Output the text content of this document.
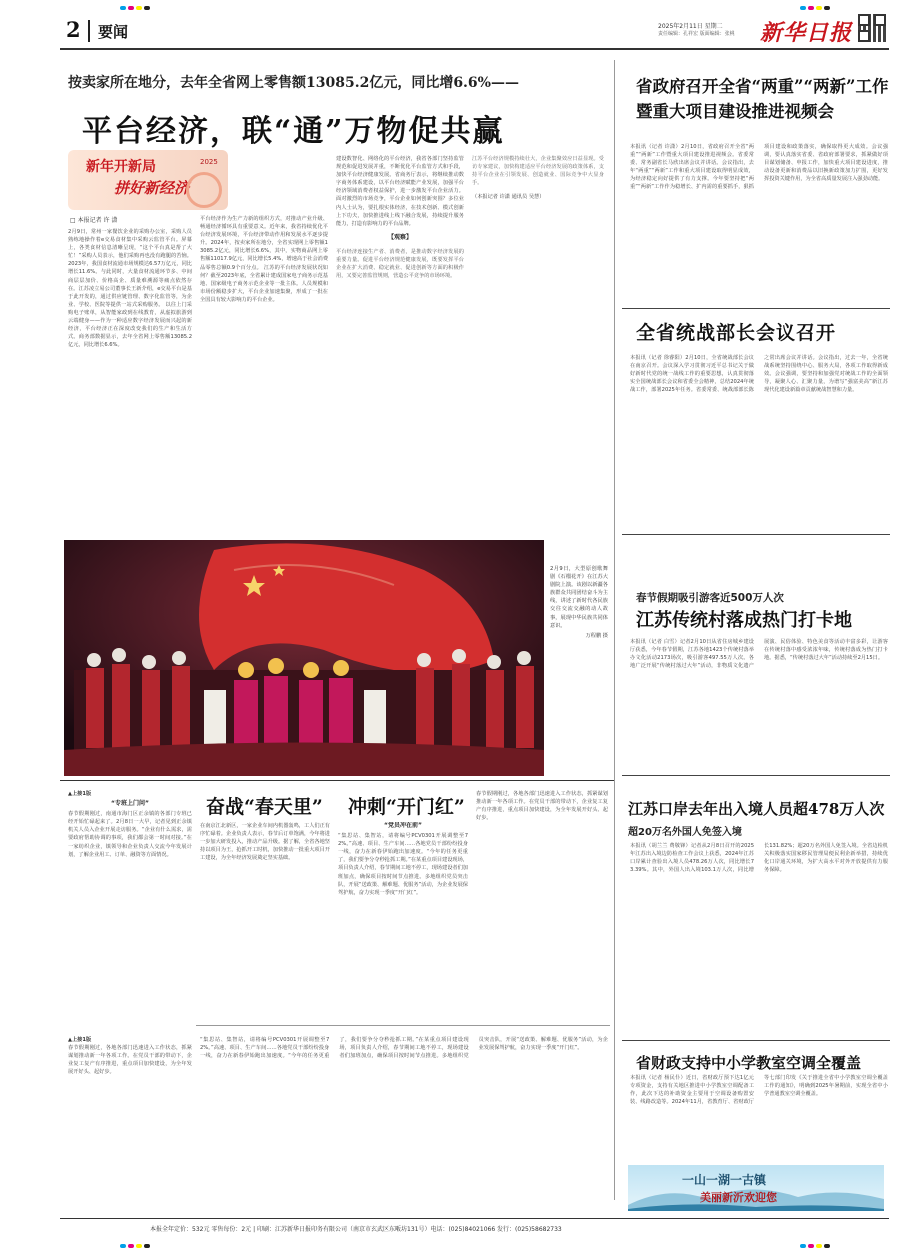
2 要闻	2025年2月11日 星期二
责任编辑：孔祥宏 版面编辑：张桃 新华日报
按卖家所在地分，去年全省网上零售额13085.2亿元，同比增6.6%——
平台经济，联“通”万物促共赢
新年开新局
拼好新经济
2025
□ 本报记者 许 潇
2月9日，常州一家餐饮企业的采购办公室，采购人员熟练地操作着e交易食材集中采购云监管平台。屏幕上，各类食材信息清晰呈现，“这个平台真是帮了大忙！”采购人员表示，他们采购再也没有跑腿的苦恼。2023年，我国食材流通市场规模达6.57万亿元，同比增长11.6%。与此同时，大量食材流通环节多、中间商层层加价、价格高企、质量难溯源等痛点依然存在。江苏凌立易公司董事长王新介绍，e交易平台是基于此开发的，通过供应链管理、数字化监管等，为企业、学校、医院等提供一站式采购服务。 以往上门采购电子账单，从智能家政到在线教育，从虚拟旅游到云端健身——作为一种适应数字经济发展而兴起的新经济，平台经济正在深度改变我们的生产和生活方式。商务部数据显示，去年全省网上零售额13085.2亿元，同比增长6.6%。
平台经济作为生产力新的组织方式，对推动产业升级、畅通经济循环具有重要意义。近年来，我省持续优化平台经济发展环境，平台经济带动作用和发展水平逐步提升。2024年，按卖家所在地分，全省实现网上零售额13085.2亿元，同比增长6.6%，其中，实物商品网上零售额11017.9亿元，同比增长5.4%，增速高于社会消费品零售总额0.9个百分点。 江苏的平台经济发展状况如何？截至2023年底，全省累计建成国家电子商务示范基地、国家级电子商务示范企业等一批主体。人员规模和市场份额稳步扩大，平台企业加速集聚，形成了一批在全国具有较大影响力的平台企业。
建设数智化、网络化的平台经济，我省各部门坚持监管规范和促进发展并重，不断优化平台监管方式和手段，加快平台经济健康发展。省商务厅表示，将继续推动数字商务体系建设，以平台经济赋能产业发展，加强平台经济领域消费者权益保护，进一步激发平台企业活力。 面对激烈的市场竞争，平台企业如何创新突围？多位业内人士认为，要扎根实体经济，在技术创新、模式创新上下功夫，加快推进线上线下融合发展，持续提升服务能力，打造有影响力的平台品牌。
【观察】
平台经济连接生产者、消费者，是推动数字经济发展的重要力量。促进平台经济规范健康发展，既要发挥平台企业在扩大消费、稳定就业、促进创新等方面的积极作用，又要完善监管规则，营造公平竞争的市场环境。
江苏平台经济规模持续壮大，企业集聚效应日益显现。受访专家建议，加快构建适应平台经济发展的政策体系，支持平台企业在引领发展、创造就业、国际竞争中大显身手。
（本报记者 许潇 通讯员 吴慧）
2月9日，大型原创歌舞剧《石榴花开》在江苏大剧院上演。该剧以新疆各族群众共同团结奋斗为主线，讲述了新时代各民族交往交流交融的动人故事，展现中华民族共同体意识。
万程鹏 摄
省政府召开全省“两重”“两新”工作暨重大项目建设推进视频会
本报讯（记者 许潇）2月10日，省政府召开全省“两重”“两新”工作暨重大项目建设推进视频会。省委常委、常务副省长马欣出席会议并讲话。会议指出，去年“两重”“两新”工作和重大项目建设取得明显成效，为经济稳定向好提供了有力支撑。今年要坚持把“两重”“两新”工作作为稳增长、扩内需的重要抓手，狠抓项目建设和政策落实，确保取得更大成效。会议强调，要认真落实省委、省政府部署要求，抓紧做好项目谋划储备、申报工作，加快重大项目建设进度，推动设备更新和消费品以旧换新政策加力扩围，更好发挥投资关键作用，为全省高质量发展注入强劲动能。
全省统战部长会议召开
本报讯（记者 徐睿阳）2月10日，全省统战部长会议在南京召开。会议深入学习贯彻习近平总书记关于做好新时代党的统一战线工作的重要思想，认真贯彻落实全国统战部长会议和省委全会精神，总结2024年统战工作，部署2025年任务。省委常委、统战部部长陈之常出席会议并讲话。会议指出，过去一年，全省统战系统坚持围绕中心、服务大局，各项工作取得新成效。会议强调，要坚持和加强党对统战工作的全面领导，凝聚人心、汇聚力量，为谱写“强富美高”新江苏现代化建设新篇章贡献统战智慧和力量。
春节假期吸引游客近500万人次
江苏传统村落成热门打卡地
本报讯（记者 白雪）记者2月10日从省住房城乡建设厅获悉，今年春节假期，江苏各地1423个传统村落举办文化活动2173场次，吸引游客497.55万人次。各地广泛开展“传统村落过大年”活动，非物质文化遗产展演、民俗体验、特色美食等活动丰富多彩，让游客在传统村落中感受浓浓年味，传统村落成为热门打卡地。据悉，“传统村落过大年”活动持续至2月15日。
江苏口岸去年出入境人员超478万人次
超20万名外国人免签入境
本报讯（胡兰兰 费敬锋）记者从2月8日召开的2025年江苏出入境边防检查工作会议上获悉，2024年江苏口岸累计查验出入境人员478.26万人次，同比增长73.39%。其中，外国人出入境103.1万人次，同比增长131.82%；超20万名外国人免签入境。全省边检机关积极落实国家移民管理局便民利企新举措，持续优化口岸通关环境，为扩大高水平对外开放提供有力服务保障。
省财政支持中小学教室空调全覆盖
本报讯（记者 杨民仆）近日，省财政厅预下达1亿元专项资金，支持有关地区推进中小学教室空调配备工作，此次下达的补助资金主要用于空调设备购置安装、线路改造等。2024年11月，省教育厅、省财政厅等七部门印发《关于推进全省中小学教室空调全覆盖工作的通知》，明确到2025年暑期前，实现全省中小学普通教室空调全覆盖。
▲上接1版
“专班上门问”
春节假期刚过，南通市海门区正余镇的各部门专班已经开始忙碌起来了。2月8日一大早，记者见到正余镇机关人员入企业开展走访服务。“企业有什么需求，需要政府帮助协调的事项，我们都会第一时间对接。”在一家纺织企业，镇领导和企业负责人交流今年发展计划，了解企业用工、订单、融资等方面情况。
奋战“春天里” 冲刺“开门红”
在南京江北新区，一家企业车间内机器轰鸣，工人们正有序忙碌着。企业负责人表示，春节后订单饱满，今年将进一步加大研发投入，推动产品升级。据了解，全省各地坚持以项目为王，抢抓开工时机，加快推动一批重大项目开工建设，为全年经济发展奠定坚实基础。
“党员冲在前”
“集思站、集智站，请将编号PCV0301开展调整至72%。”高速、项目、生产车间……各地党员干部纷纷投身一线，奋力在新春伊始跑出加速度。“今年的任务更重了，我们要争分夺秒抢抓工期。”在某重点项目建设现场，项目负责人介绍，春节期间工地不停工，现场建设者们加班加点，确保项目按时间节点推进。多地组织党员突击队，开展“送政策、解难题、优服务”活动，为企业发展保驾护航，奋力实现一季度“开门红”。
春节假期刚过，各地各部门迅速进入工作状态，抓紧谋划推动新一年各项工作。在党员干部的带动下，企业复工复产有序推进，重点项目加快建设，为全年发展开好头、起好步。
▲上接1版
春节假期刚过，各地各部门迅速进入工作状态，抓紧谋划推动新一年各项工作。在党员干部的带动下，企业复工复产有序推进，重点项目加快建设，为全年发展开好头、起好步。
“集思站、集智站，请将编号PCV0301开展调整至72%。”高速、项目、生产车间……各地党员干部纷纷投身一线，奋力在新春伊始跑出加速度。“今年的任务更重了，我们要争分夺秒抢抓工期。”在某重点项目建设现场，项目负责人介绍，春节期间工地不停工，现场建设者们加班加点，确保项目按时间节点推进。多地组织党员突击队，开展“送政策、解难题、优服务”活动，为企业发展保驾护航，奋力实现一季度“开门红”。
一山一湖一古镇
美丽新沂欢迎您
本报全年定价：532元 零售每份：2元 | 印刷：江苏新华日报印务有限公司（南京市玄武区东畈坊131号）电话：(025)84021066 发行：(025)58682733
